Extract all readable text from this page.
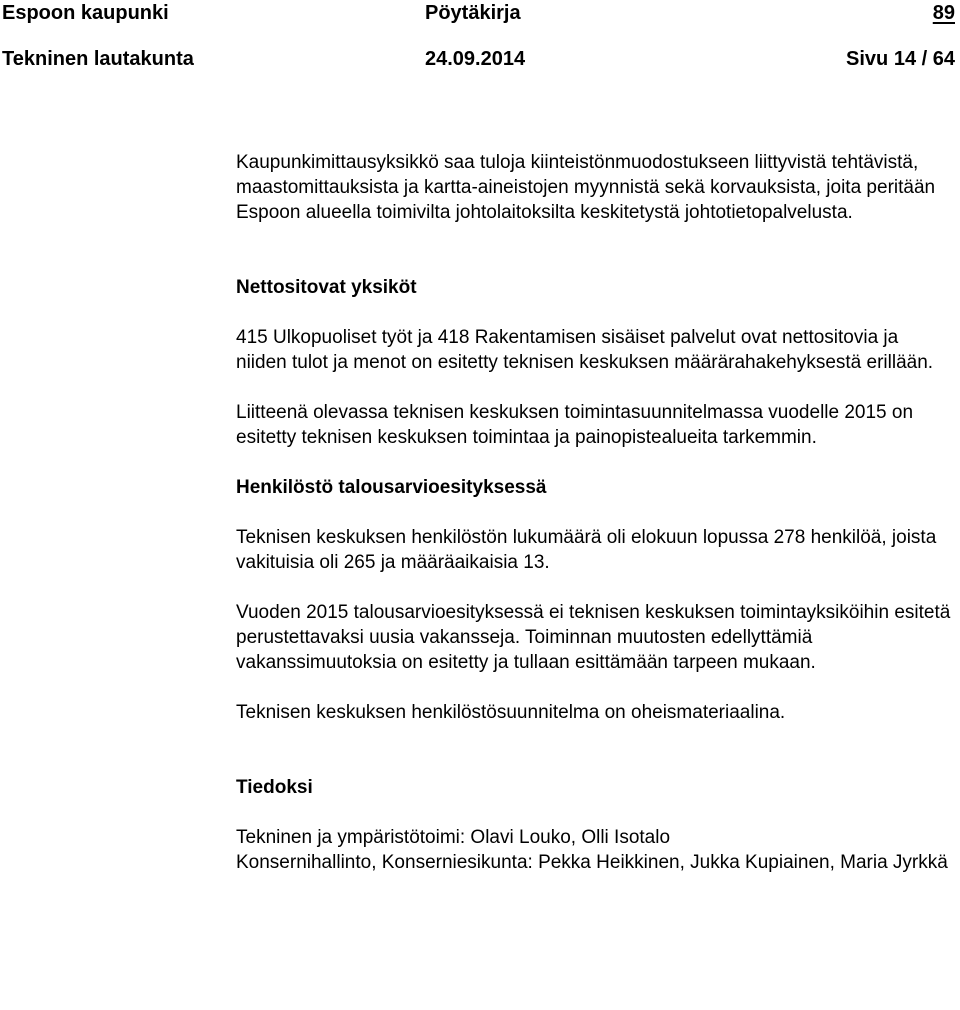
Espoon kaupunki	Pöytäkirja	89
Tekninen lautakunta	24.09.2014	Sivu 14 / 64

Kaupunkimittausyksikkö saa tuloja kiinteistönmuodostukseen liittyvistä tehtävistä, maastomittauksista ja kartta-aineistojen myynnistä sekä korvauksista, joita peritään Espoon alueella toimivilta johtolaitoksilta keskitetystä johtotietopalvelusta.

Nettositovat yksiköt

415 Ulkopuoliset työt ja 418 Rakentamisen sisäiset palvelut ovat nettositovia ja niiden tulot ja menot on esitetty teknisen keskuksen määrärahakehyksestä erillään.

Liitteenä olevassa teknisen keskuksen toimintasuunnitelmassa vuodelle 2015 on esitetty teknisen keskuksen toimintaa ja painopistealueita tarkemmin.

Henkilöstö talousarvioesityksessä

Teknisen keskuksen henkilöstön lukumäärä oli elokuun lopussa 278 henkilöä, joista vakituisia oli 265 ja määräaikaisia 13.

Vuoden 2015 talousarvioesityksessä ei teknisen keskuksen toimintayksiköihin esitetä perustettavaksi uusia vakansseja. Toiminnan muutosten edellyttämiä vakanssimuutoksia on esitetty ja tullaan esittämään tarpeen mukaan.

Teknisen keskuksen henkilöstösuunnitelma on oheismateriaalina.

Tiedoksi

Tekninen ja ympäristötoimi: Olavi Louko, Olli Isotalo
Konsernihallinto, Konserniesikunta: Pekka Heikkinen, Jukka Kupiainen, Maria Jyrkkä
